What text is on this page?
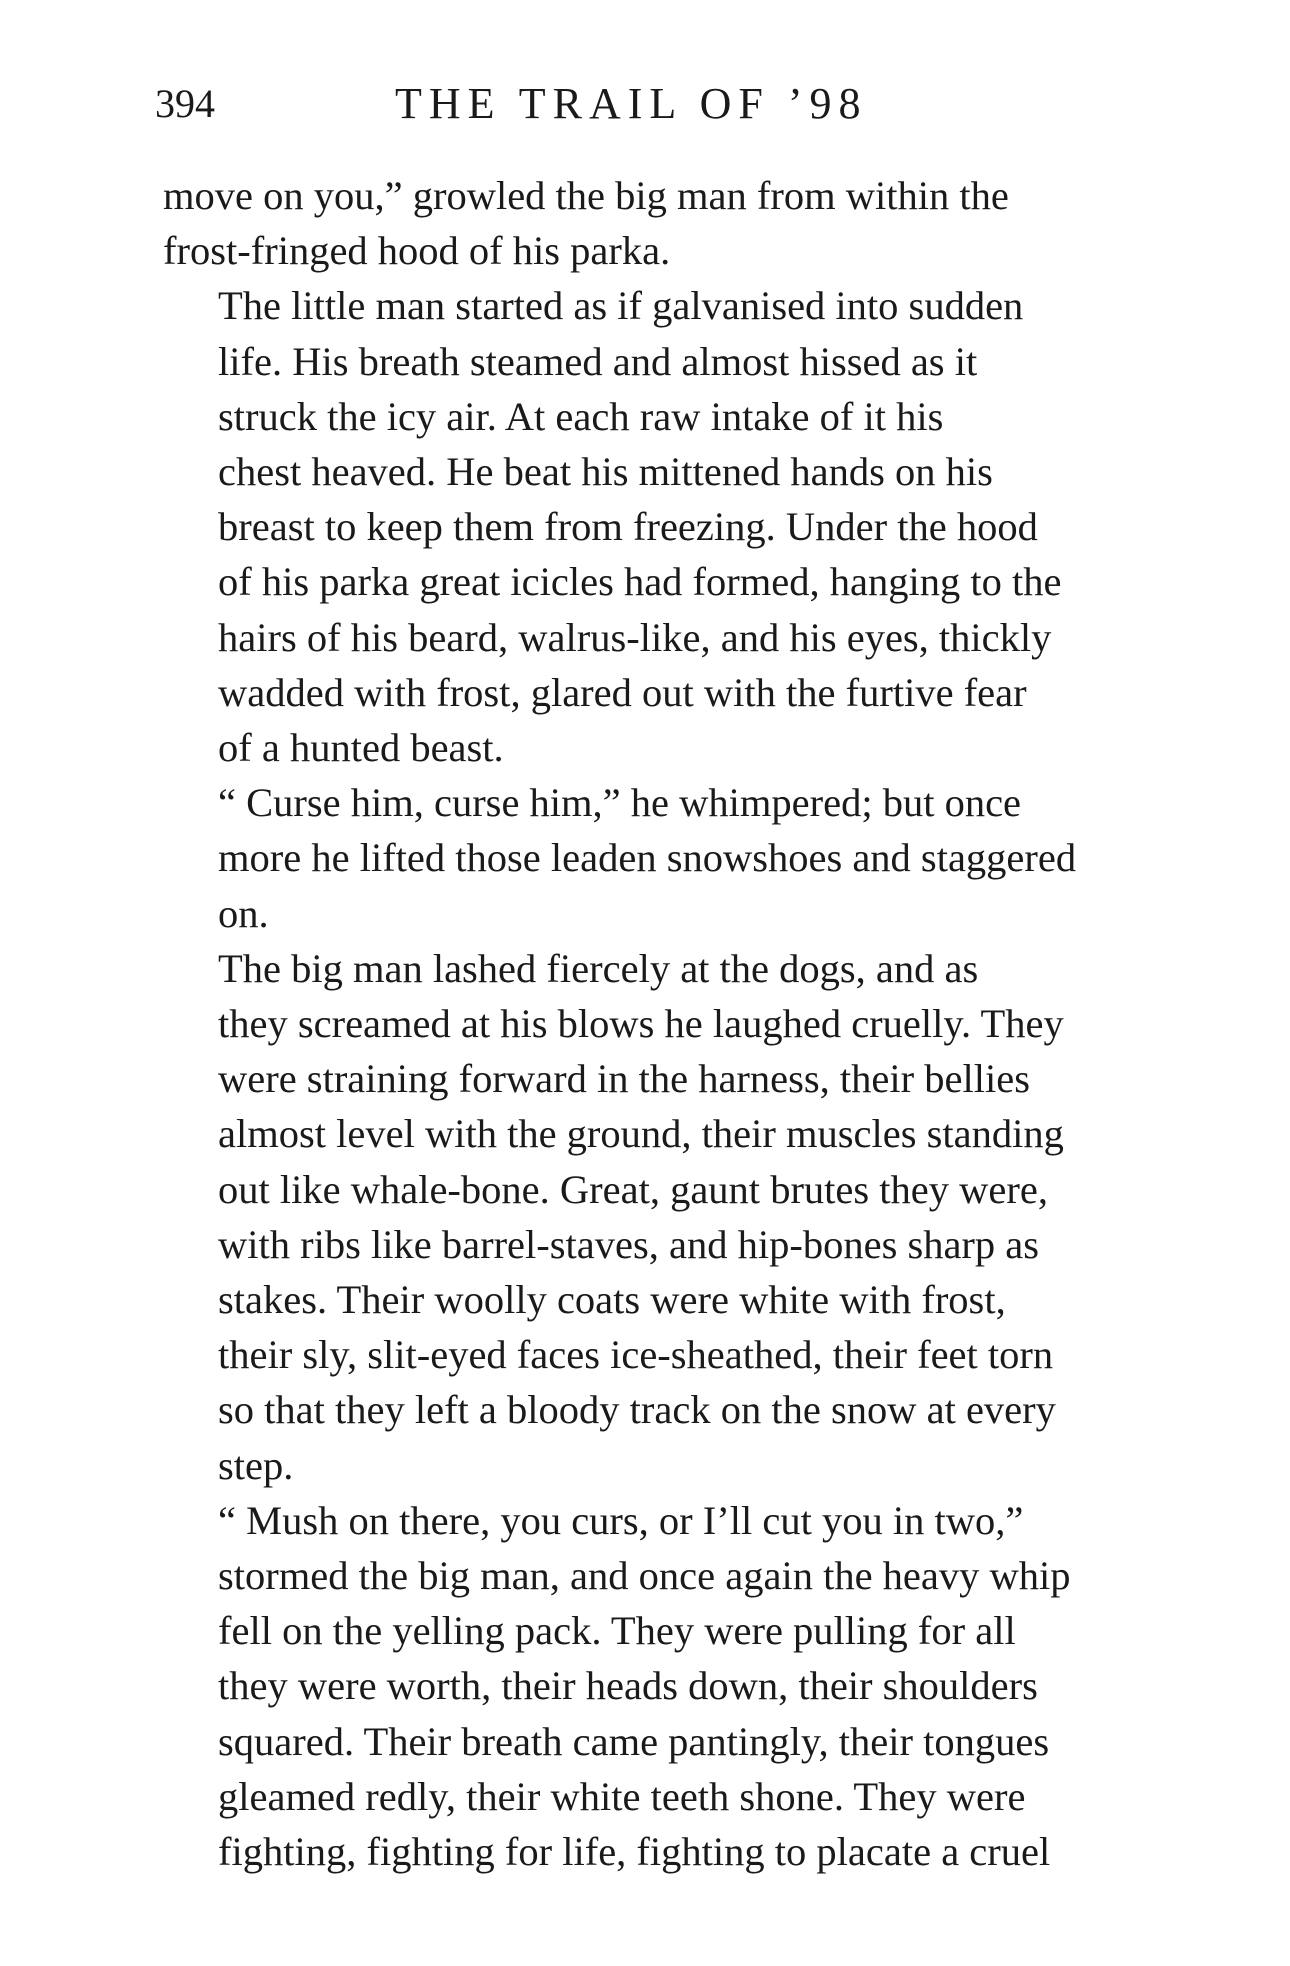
394	THE TRAIL OF ’98

move on you,” growled the big man from within the
frost-fringed hood of his parka.

The little man started as if galvanised into sudden
life. His breath steamed and almost hissed as it
struck the icy air. At each raw intake of it his
chest heaved. He beat his mittened hands on his
breast to keep them from freezing. Under the hood
of his parka great icicles had formed, hanging to the
hairs of his beard, walrus-like, and his eyes, thickly
wadded with frost, glared out with the furtive fear
of a hunted beast.

“ Curse him, curse him,” he whimpered; but once
more he lifted those leaden snowshoes and staggered
on.

The big man lashed fiercely at the dogs, and as
they screamed at his blows he laughed cruelly. They
were straining forward in the harness, their bellies
almost level with the ground, their muscles standing
out like whale-bone. Great, gaunt brutes they were,
with ribs like barrel-staves, and hip-bones sharp as
stakes. Their woolly coats were white with frost,
their sly, slit-eyed faces ice-sheathed, their feet torn
so that they left a bloody track on the snow at every
step.

“ Mush on there, you curs, or I’ll cut you in two,”
stormed the big man, and once again the heavy whip
fell on the yelling pack. They were pulling for all
they were worth, their heads down, their shoulders
squared. Their breath came pantingly, their tongues
gleamed redly, their white teeth shone. They were
fighting, fighting for life, fighting to placate a cruel
